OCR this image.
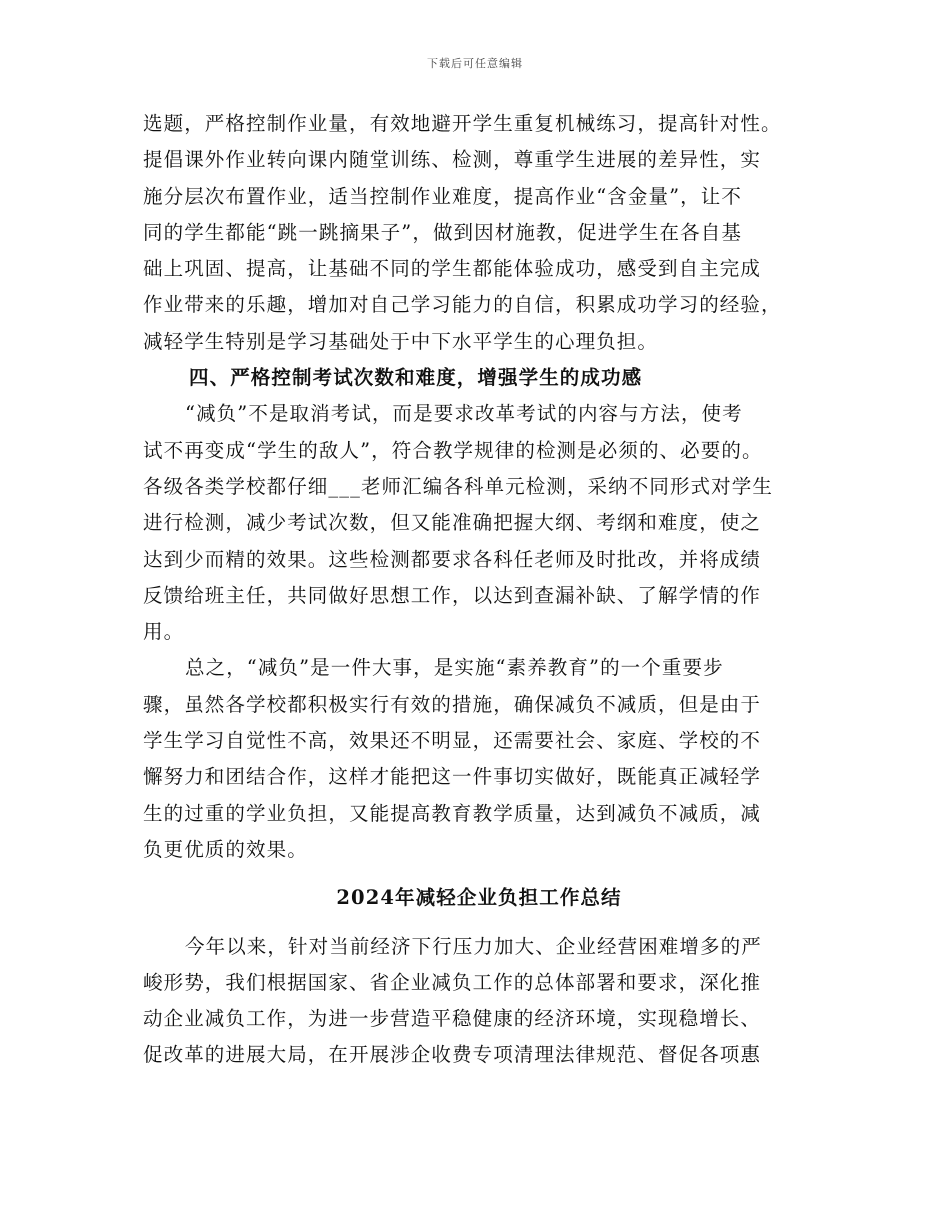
下载后可任意编辑
选题，严格控制作业量，有效地避开学生重复机械练习，提高针对性。
提倡课外作业转向课内随堂训练、检测，尊重学生进展的差异性，实
施分层次布置作业，适当控制作业难度，提高作业“含金量”，让不
同的学生都能“跳一跳摘果子”，做到因材施教，促进学生在各自基
础上巩固、提高，让基础不同的学生都能体验成功，感受到自主完成
作业带来的乐趣，增加对自己学习能力的自信，积累成功学习的经验，
减轻学生特别是学习基础处于中下水平学生的心理负担。
四、严格控制考试次数和难度，增强学生的成功感
“减负”不是取消考试，而是要求改革考试的内容与方法，使考
试不再变成“学生的敌人”，符合教学规律的检测是必须的、必要的。
各级各类学校都仔细___老师汇编各科单元检测，采纳不同形式对学生
进行检测，减少考试次数，但又能准确把握大纲、考纲和难度，使之
达到少而精的效果。这些检测都要求各科任老师及时批改，并将成绩
反馈给班主任，共同做好思想工作，以达到查漏补缺、了解学情的作
用。
总之，“减负”是一件大事，是实施“素养教育”的一个重要步
骤，虽然各学校都积极实行有效的措施，确保减负不减质，但是由于
学生学习自觉性不高，效果还不明显，还需要社会、家庭、学校的不
懈努力和团结合作，这样才能把这一件事切实做好，既能真正减轻学
生的过重的学业负担，又能提高教育教学质量，达到减负不减质，减
负更优质的效果。
2024年减轻企业负担工作总结
今年以来，针对当前经济下行压力加大、企业经营困难增多的严
峻形势，我们根据国家、省企业减负工作的总体部署和要求，深化推
动企业减负工作，为进一步营造平稳健康的经济环境，实现稳增长、
促改革的进展大局，在开展涉企收费专项清理法律规范、督促各项惠
